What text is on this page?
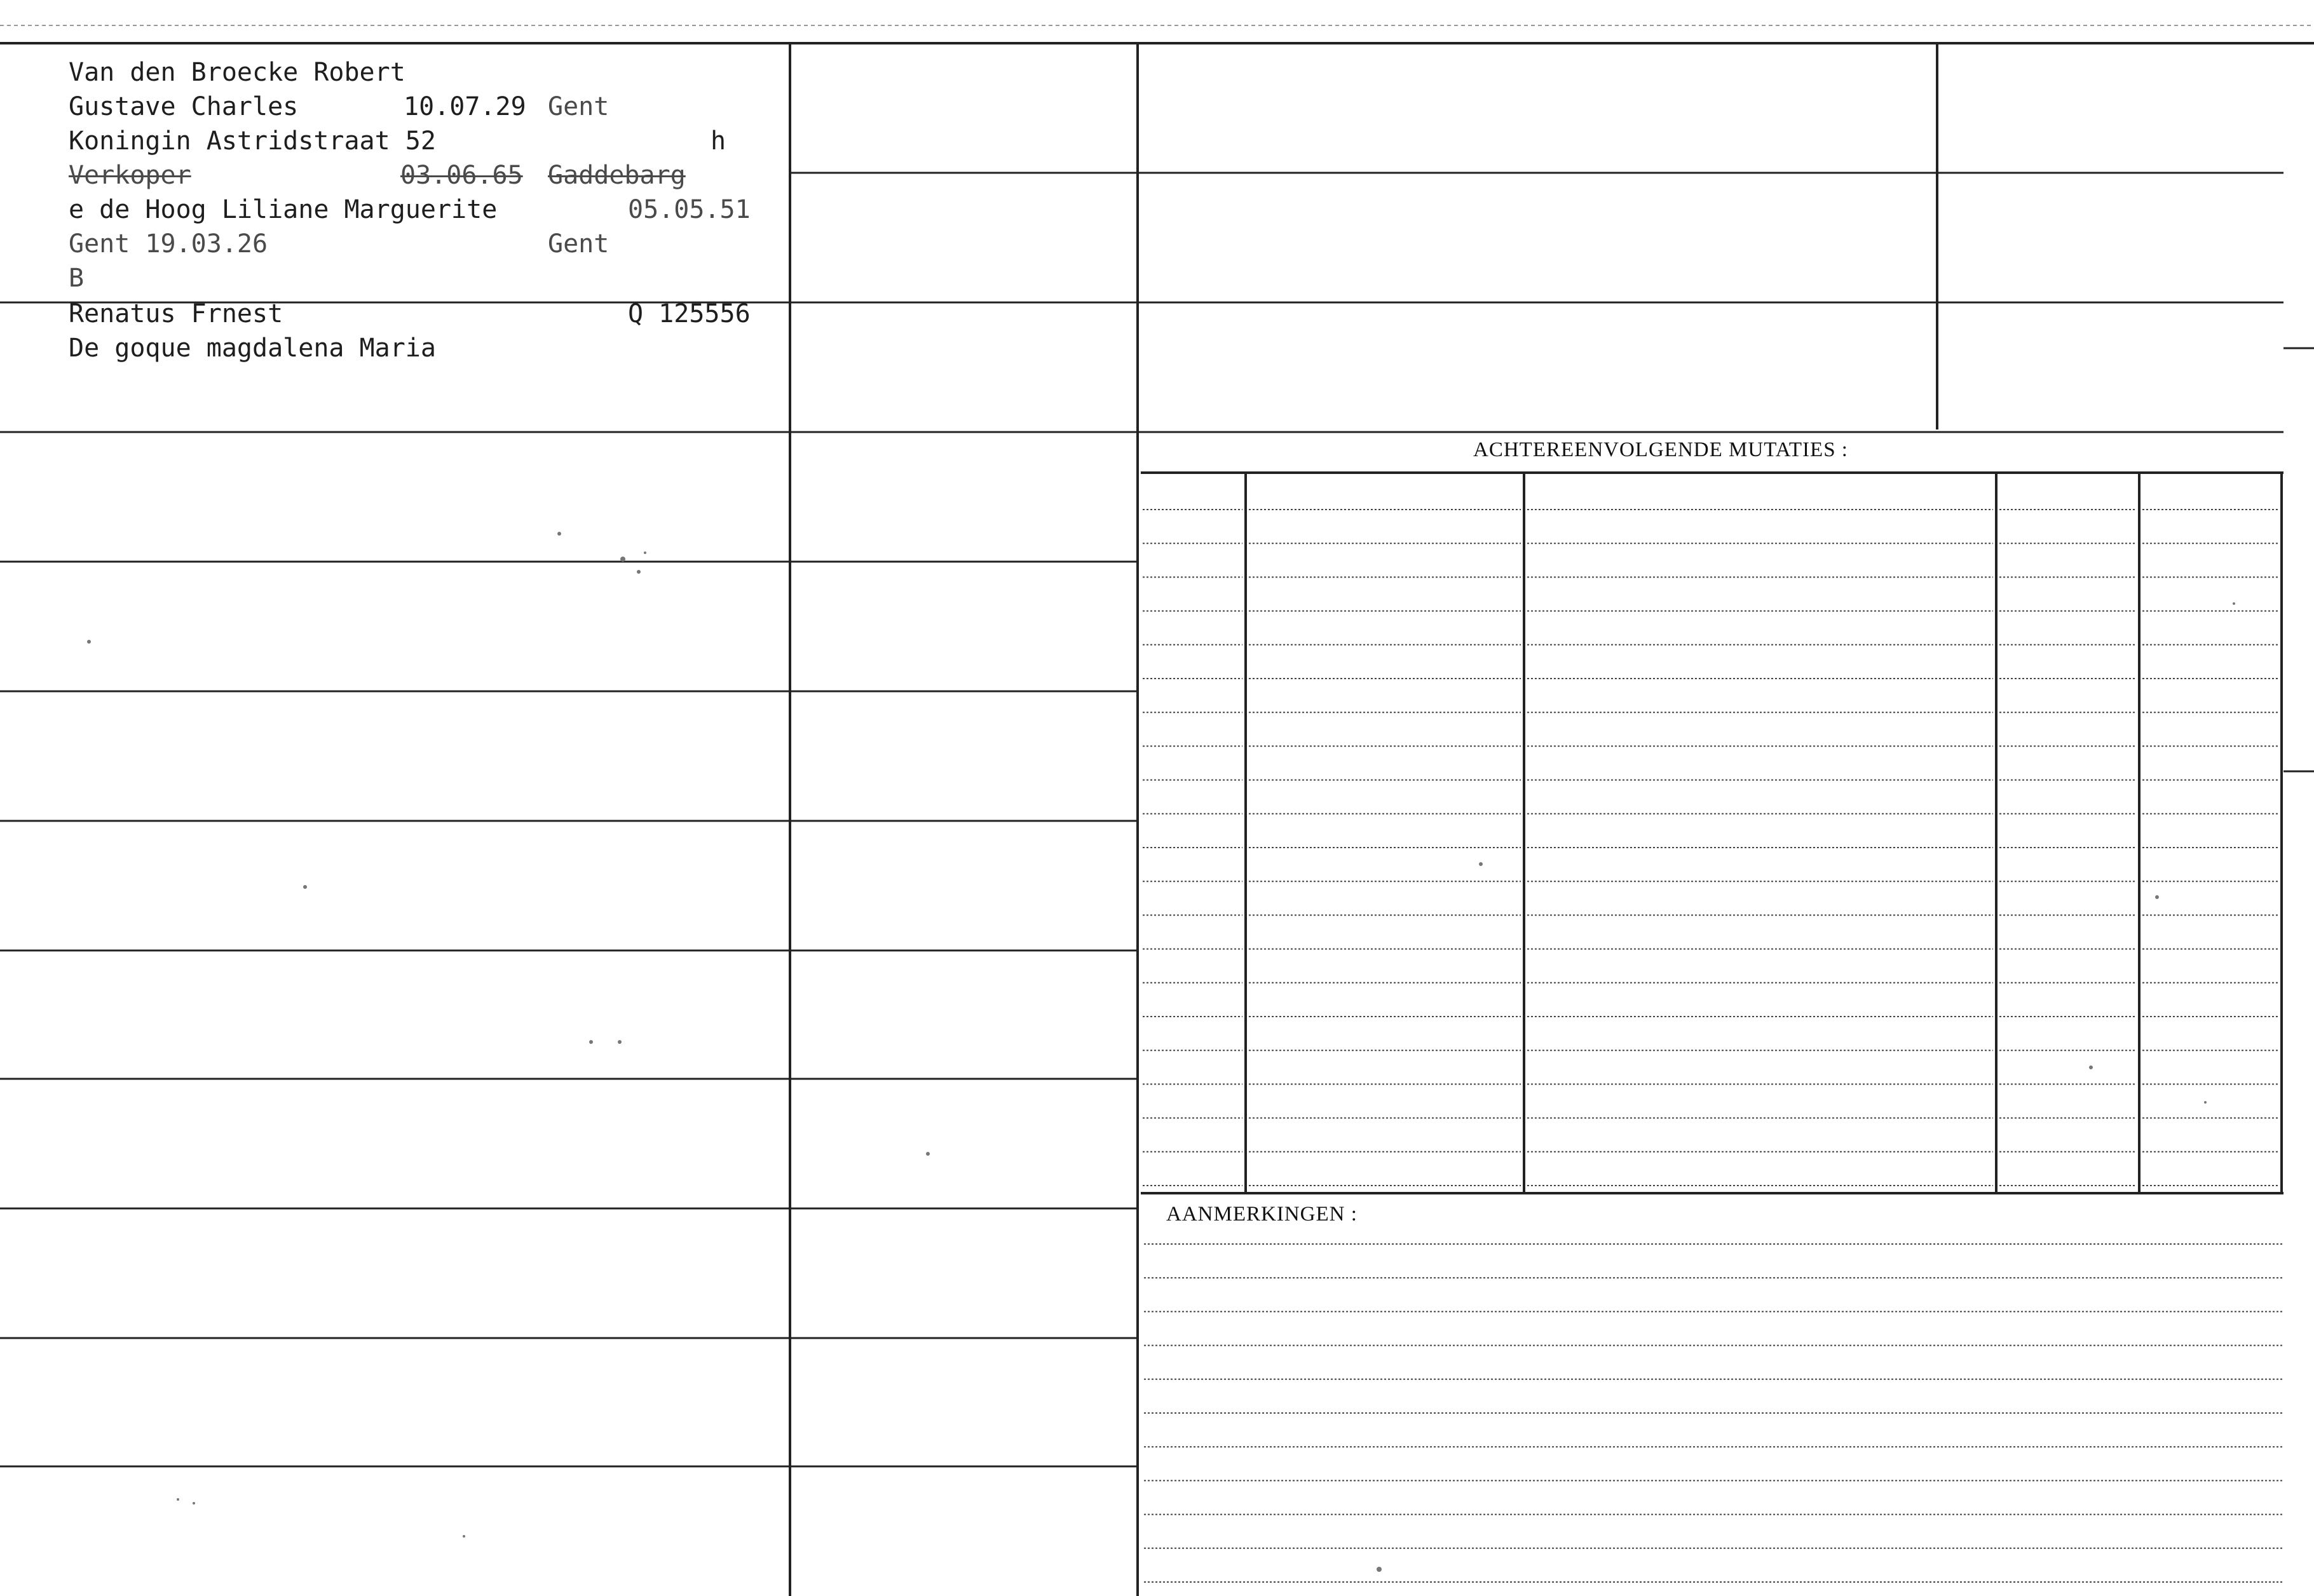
Van den Broecke Robert
Gustave Charles	10.07.29 Gent
Koningin Astridstraat 52	h
Verkoper	03.06.65 Gaddebarg
e de Hoog Liliane Marguerite	05.05.51
Gent 19.03.26	Gent
B
Renatus Frnest	Q 125556
De goque magdalena Maria
ACHTEREENVOLGENDE MUTATIES :
AANMERKINGEN :
